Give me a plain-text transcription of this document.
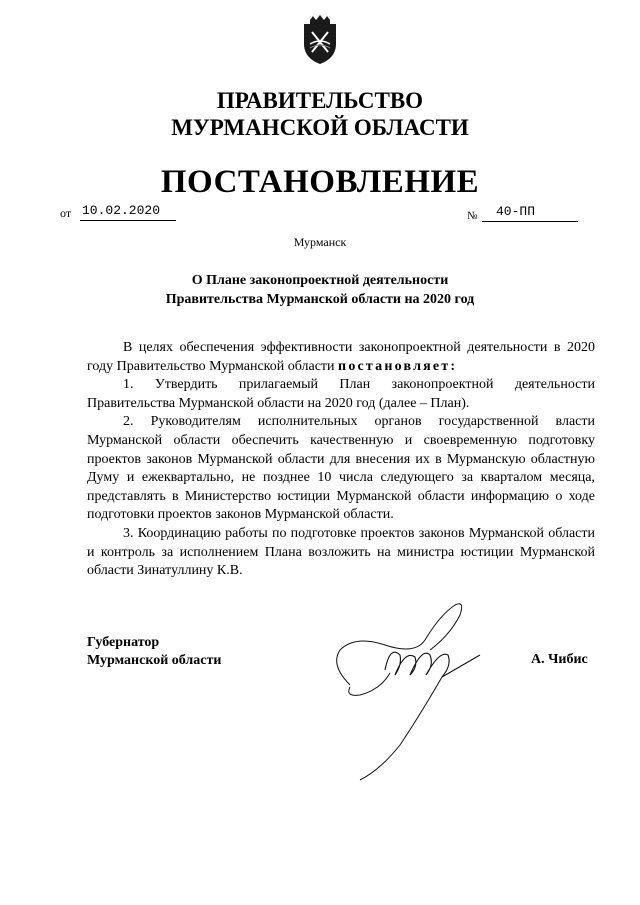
ПРАВИТЕЛЬСТВО
МУРМАНСКОЙ ОБЛАСТИ
ПОСТАНОВЛЕНИЕ
от 10.02.2020	№	40-ПП
Мурманск
О Плане законопроектной деятельности
Правительства Мурманской области на 2020 год

В целях обеспечения эффективности законопроектной деятельности в 2020 году Правительство Мурманской области постановляет:

1. Утвердить прилагаемый План законопроектной деятельности Правительства Мурманской области на 2020 год (далее – План).

2. Руководителям исполнительных органов государственной власти Мурманской области обеспечить качественную и своевременную подготовку проектов законов Мурманской области для внесения их в Мурманскую областную Думу и ежеквартально, не позднее 10 числа следующего за кварталом месяца, представлять в Министерство юстиции Мурманской области информацию о ходе подготовки проектов законов Мурманской области.

3. Координацию работы по подготовке проектов законов Мурманской области и контроль за исполнением Плана возложить на министра юстиции Мурманской области Зинатуллину К.В.

Губернатор
Мурманской области	А. Чибис
